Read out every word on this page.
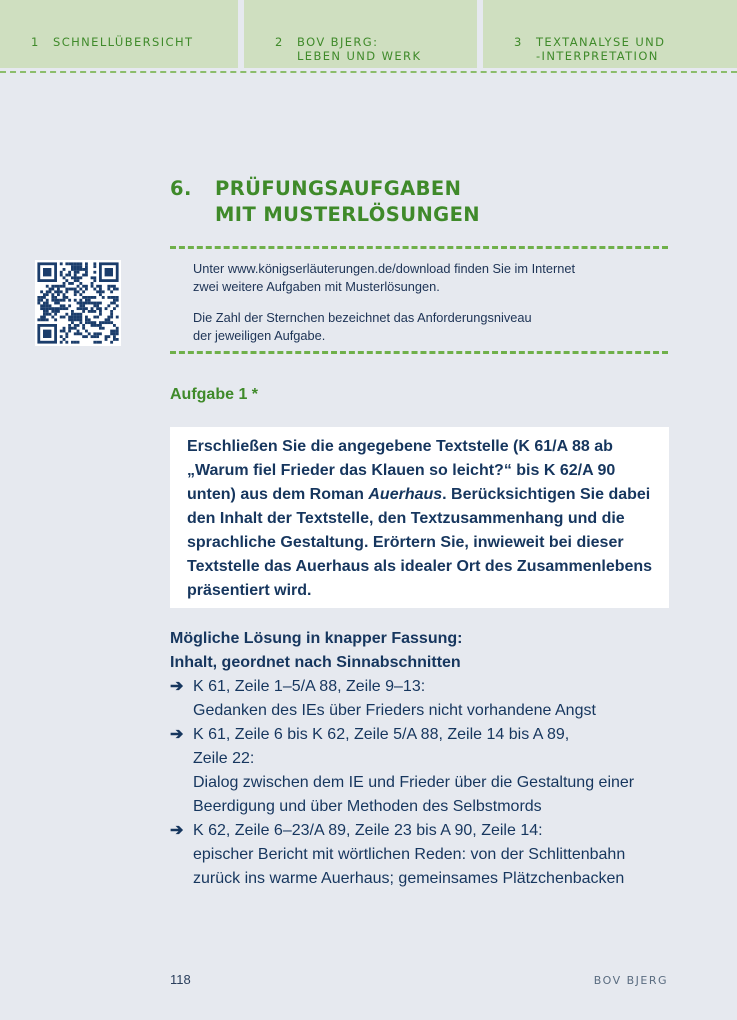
1	SCHNELLÜBERSICHT	2	BOV BJERG:
LEBEN UND WERK
3	TEXTANALYSE UND
-INTERPRETATION
6. PRÜFUNGSAUFGABEN
MIT MUSTERLÖSUNGEN

Unter www.königserläuterungen.de/download finden Sie im Internet
zwei weitere Aufgaben mit Musterlösungen.

Die Zahl der Sternchen bezeichnet das Anforderungsniveau
der jeweiligen Aufgabe.

Aufgabe 1 *
Erschließen Sie die angegebene Textstelle (K 61/A 88 ab „Warum fiel Frieder das Klauen so leicht?“ bis K 62/A 90 unten) aus dem Roman Auerhaus. Berücksichtigen Sie dabei den Inhalt der Textstelle, den Textzusammenhang und die sprachliche Gestaltung. Erörtern Sie, inwieweit bei dieser Textstelle das Auerhaus als idealer Ort des Zusammenlebens präsentiert wird.
Mögliche Lösung in knapper Fassung:
Inhalt, geordnet nach Sinnabschnitten
➔ K 61, Zeile 1–5/A 88, Zeile 9–13:
Gedanken des IEs über Frieders nicht vorhandene Angst
➔ K 61, Zeile 6 bis K 62, Zeile 5/A 88, Zeile 14 bis A 89,
Zeile 22:
Dialog zwischen dem IE und Frieder über die Gestaltung einer
Beerdigung und über Methoden des Selbstmords
➔ K 62, Zeile 6–23/A 89, Zeile 23 bis A 90, Zeile 14:
epischer Bericht mit wörtlichen Reden: von der Schlittenbahn
zurück ins warme Auerhaus; gemeinsames Plätzchenbacken
118	BOV BJERG
